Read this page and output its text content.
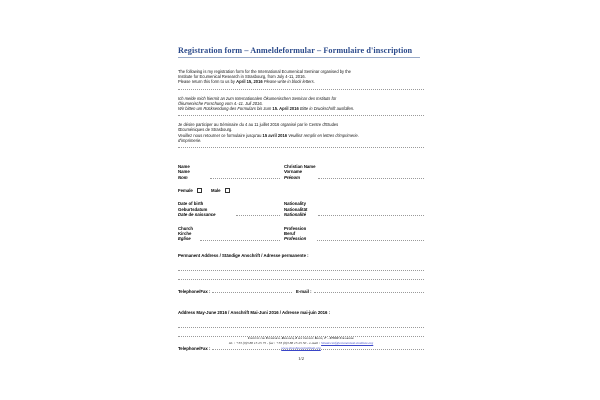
Registration form – Anmeldeformular – Formulaire d'inscription
The following is my registration form for the International Ecumenical Seminar organised by the
Institute for Ecumenical Research in Strasbourg, from July 4-11, 2016.
Please return this form to us by April 15, 2016 Please write in block letters.
Ich melde mich hiermit an zum Internationalen Ökumenischen Seminar des Instituts für
Ökumenische Forschung vom 4.-11. Juli 2016.
Wir bitten um Rücksendung des Formulars bis zum 15. April 2016 Bitte in Druckschrift ausfüllen.
Je désire participer au Séminaire du 4 au 11 juillet 2016 organisé par le Centre d'Etudes
Œcuméniques de Strasbourg.
Veuillez nous retourner ce formulaire jusqu'au 15 avril 2016 Veuillez remplir en lettres d'imprimerie.
d'imprimerie.
Name
Name
Nom
Christian Name
Vorname
Prénom
Female	Male
Date of birth
Geburtsdatum
Date de naissance
Nationality
Nationalität
Nationalité
Church
Kirche
Eglise
Profession
Beruf
Profession
Permanent Address / Ständige Anschrift / Adresse permanente :
Telephone/Fax :	E-mail :
Address May-June 2016 / Anschrift Mai-Juni 2016 / Adresse mai-juin 2016 :
Telephone/Fax :
Institute for Ecumenical Research, 8 rue Gustave Klotz, F - 67000 Strasbourg
tel. : +33 (0)3 88 15 25 75 - fax : +33 (0)3 88 15 25 50 - e-mail : StrasLcenf@ecumenical-institute.org
www.strasbourginstitute.org
1/2
